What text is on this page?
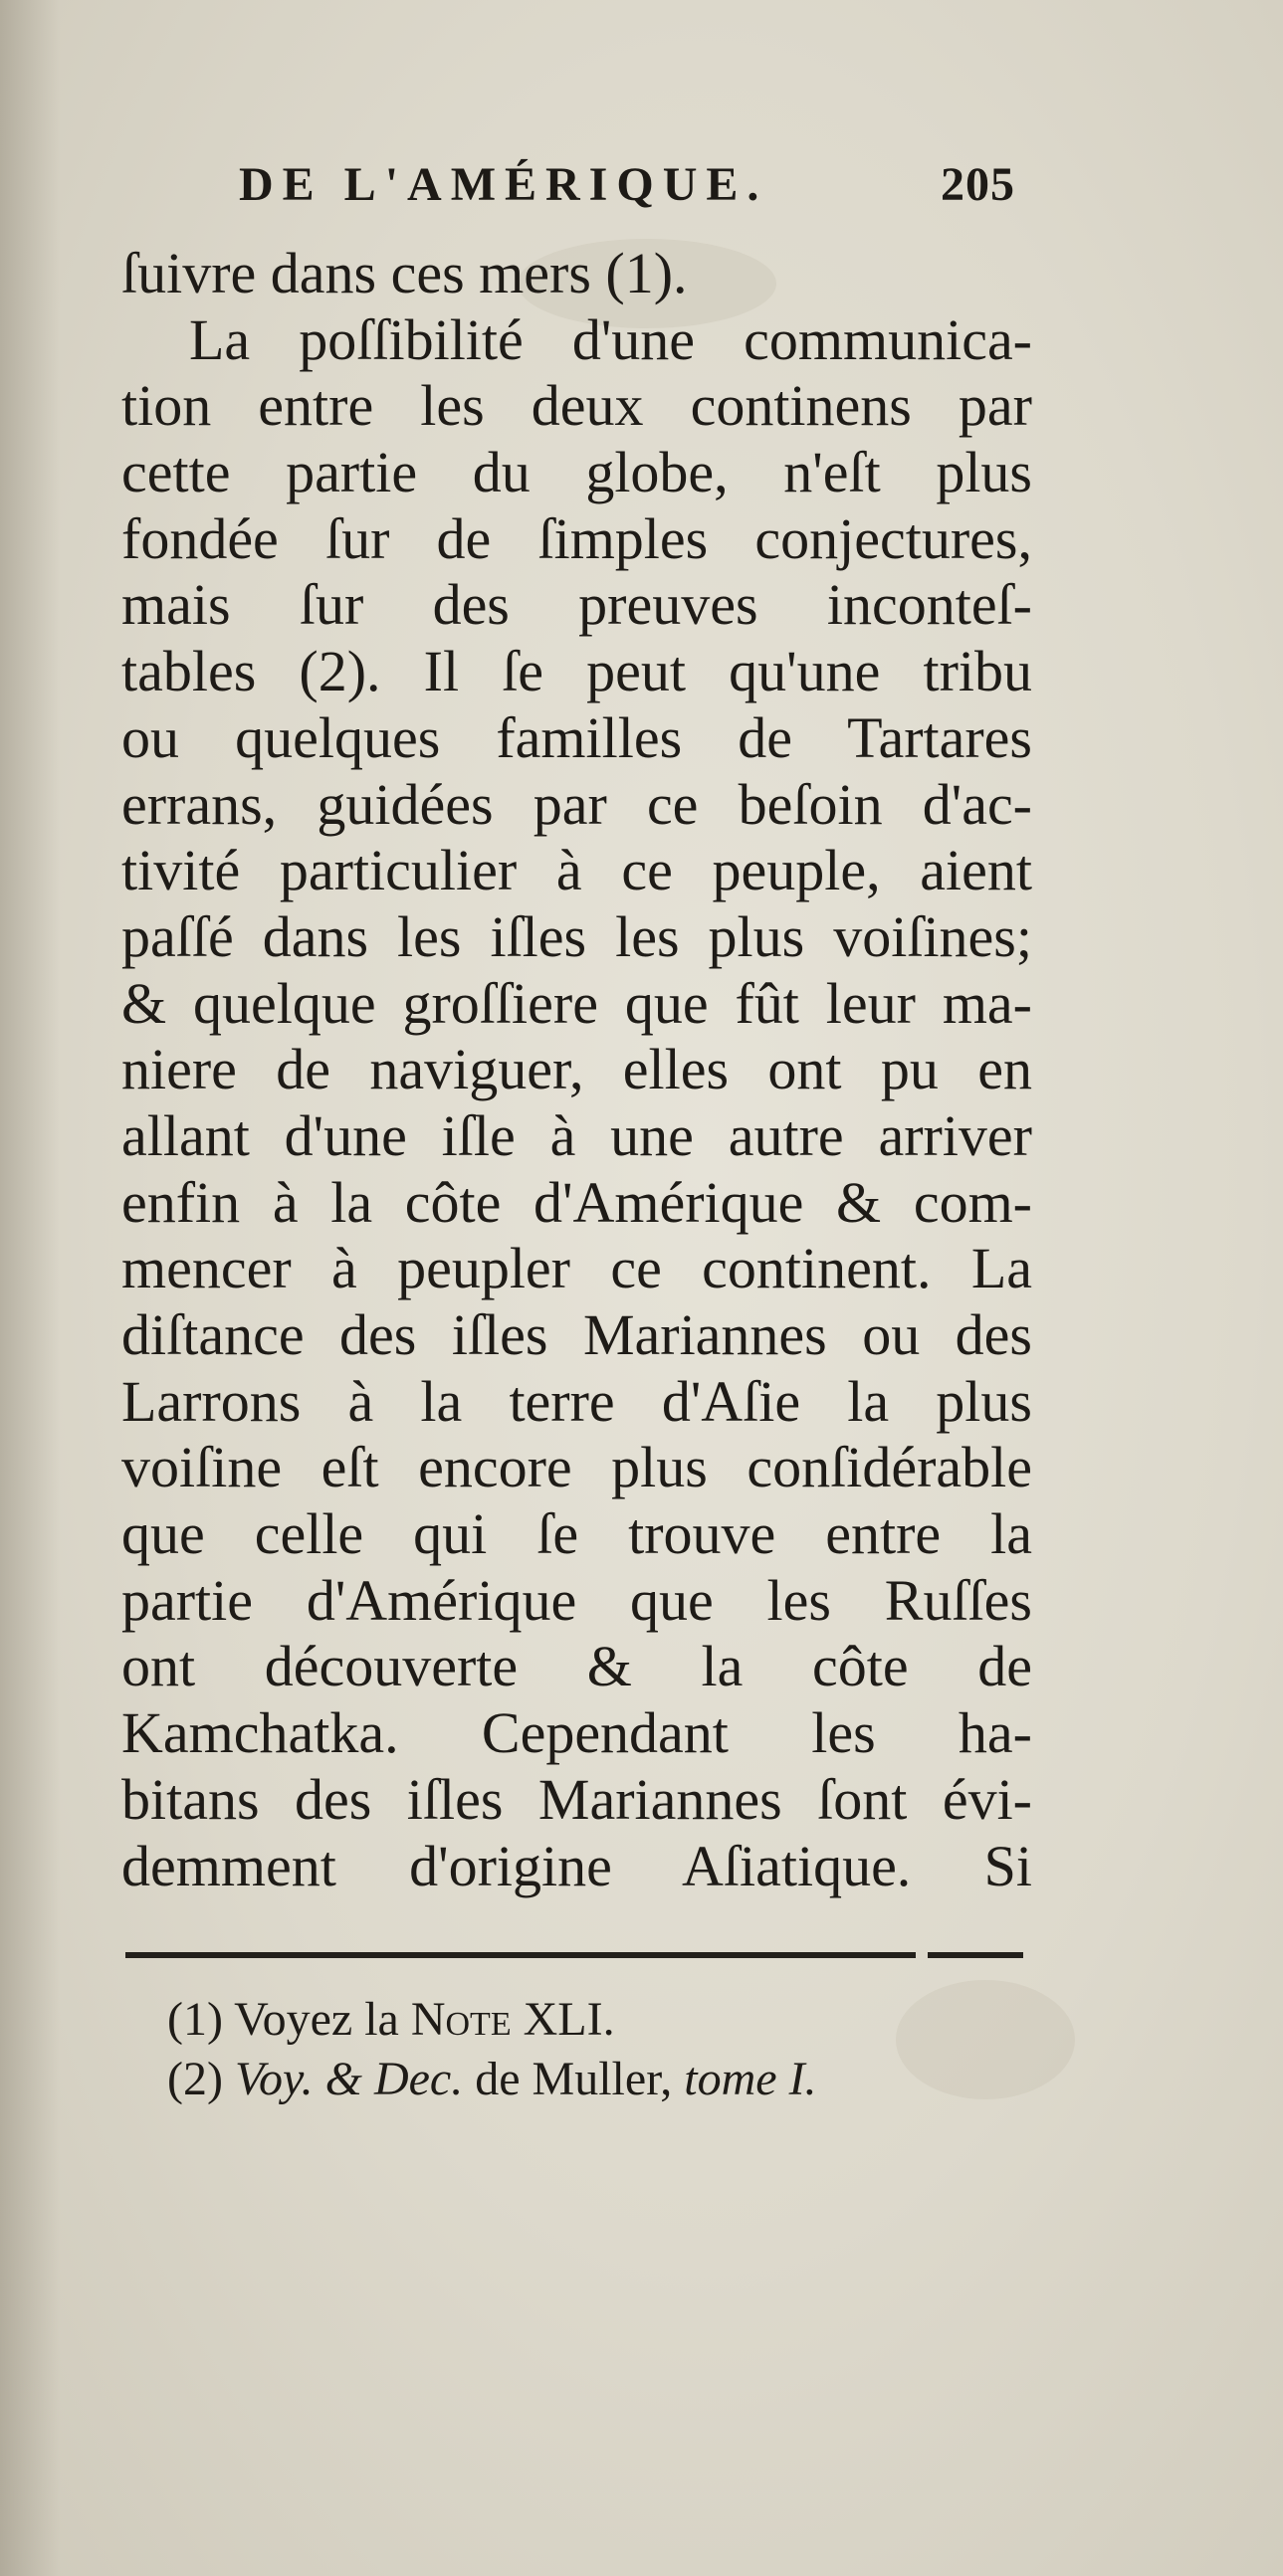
DE L'AMÉRIQUE.	205
ſuivre dans ces mers (1).
La poſſibilité d'une communica-
tion entre les deux continens par
cette partie du globe, n'eſt plus
fondée ſur de ſimples conjectures,
mais ſur des preuves inconteſ-
tables (2). Il ſe peut qu'une tribu
ou quelques familles de Tartares
errans, guidées par ce beſoin d'ac-
tivité particulier à ce peuple, aient
paſſé dans les iſles les plus voiſines;
& quelque groſſiere que fût leur ma-
niere de naviguer, elles ont pu en
allant d'une iſle à une autre arriver
enfin à la côte d'Amérique & com-
mencer à peupler ce continent. La
diſtance des iſles Mariannes ou des
Larrons à la terre d'Aſie la plus
voiſine eſt encore plus conſidérable
que celle qui ſe trouve entre la
partie d'Amérique que les Ruſſes
ont découverte & la côte de
Kamchatka. Cependant les ha-
bitans des iſles Mariannes ſont évi-
demment d'origine Aſiatique. Si
(1) Voyez la Note XLI.
(2) Voy. & Dec. de Muller, tome I.
